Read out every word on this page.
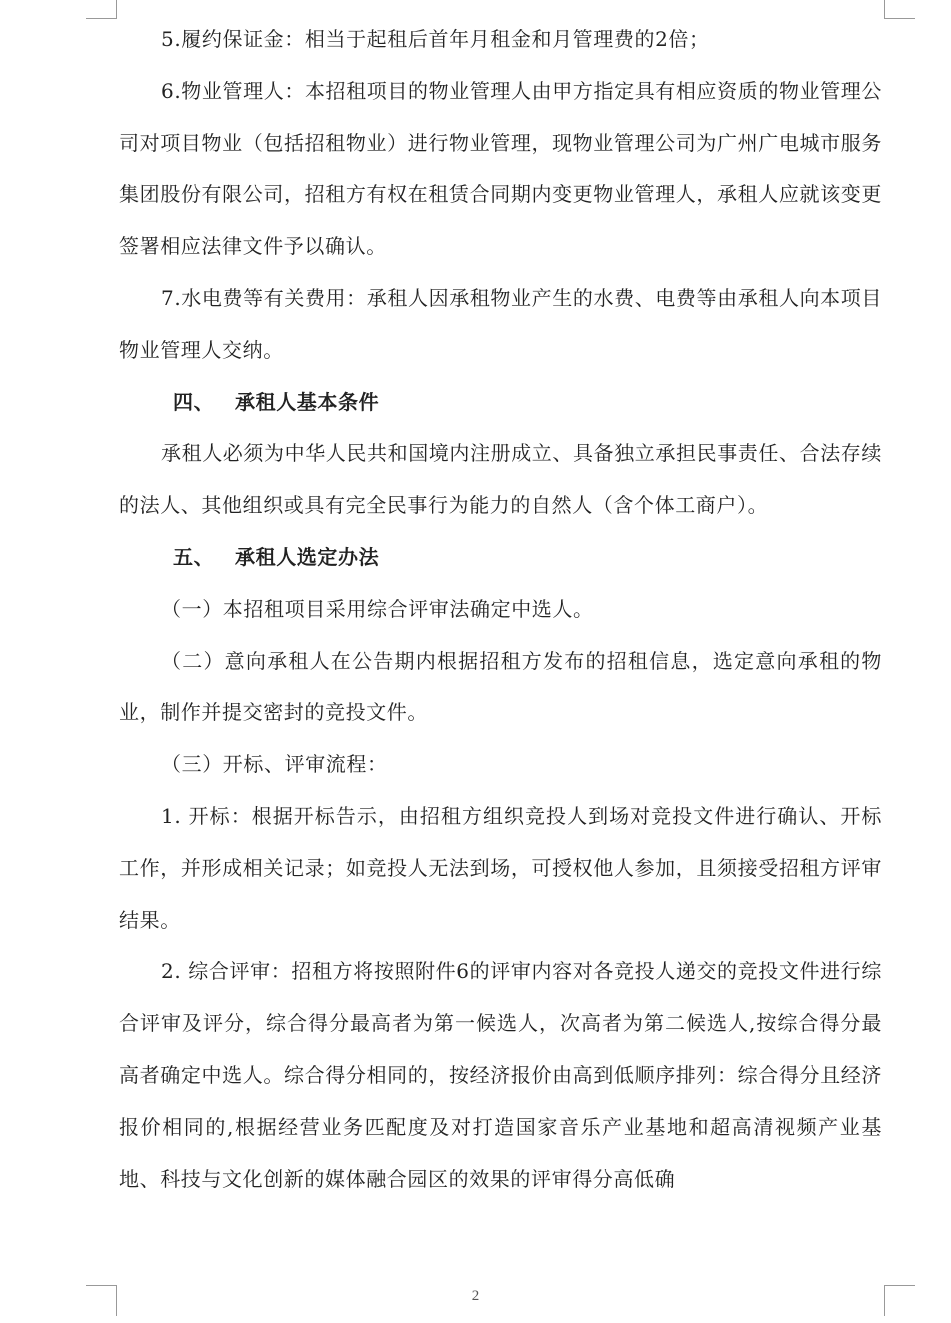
5.履约保证金：相当于起租后首年月租金和月管理费的2倍；

6.物业管理人：本招租项目的物业管理人由甲方指定具有相应资质的物业管理公司对项目物业（包括招租物业）进行物业管理，现物业管理公司为广州广电城市服务集团股份有限公司，招租方有权在租赁合同期内变更物业管理人，承租人应就该变更签署相应法律文件予以确认。

7.水电费等有关费用：承租人因承租物业产生的水费、电费等由承租人向本项目物业管理人交纳。

四、 承租人基本条件

承租人必须为中华人民共和国境内注册成立、具备独立承担民事责任、合法存续的法人、其他组织或具有完全民事行为能力的自然人（含个体工商户）。

五、 承租人选定办法

（一）本招租项目采用综合评审法确定中选人。

（二）意向承租人在公告期内根据招租方发布的招租信息，选定意向承租的物业，制作并提交密封的竞投文件。

（三）开标、评审流程：

1. 开标：根据开标告示，由招租方组织竞投人到场对竞投文件进行确认、开标工作，并形成相关记录；如竞投人无法到场，可授权他人参加，且须接受招租方评审结果。

2. 综合评审：招租方将按照附件6的评审内容对各竞投人递交的竞投文件进行综合评审及评分，综合得分最高者为第一候选人，次高者为第二候选人,按综合得分最高者确定中选人。综合得分相同的，按经济报价由高到低顺序排列：综合得分且经济报价相同的,根据经营业务匹配度及对打造国家音乐产业基地和超高清视频产业基地、科技与文化创新的媒体融合园区的效果的评审得分高低确

2
